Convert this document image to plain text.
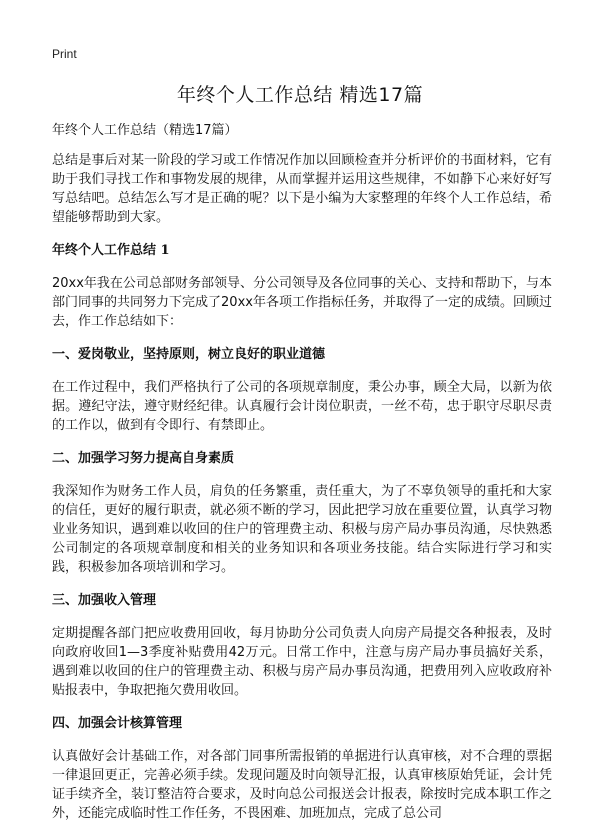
Print
年终个人工作总结 精选17篇

年终个人工作总结（精选17篇）

总结是事后对某一阶段的学习或工作情况作加以回顾检查并分析评价的书面材料，它有助于我们寻找工作和事物发展的规律，从而掌握并运用这些规律，不如静下心来好好写写总结吧。总结怎么写才是正确的呢？以下是小编为大家整理的年终个人工作总结，希望能够帮助到大家。

年终个人工作总结 1

20xx年我在公司总部财务部领导、分公司领导及各位同事的关心、支持和帮助下，与本部门同事的共同努力下完成了20xx年各项工作指标任务，并取得了一定的成绩。回顾过去，作工作总结如下：

一、爱岗敬业，坚持原则，树立良好的职业道德

在工作过程中，我们严格执行了公司的各项规章制度，秉公办事，顾全大局，以新为依据。遵纪守法，遵守财经纪律。认真履行会计岗位职责，一丝不苟，忠于职守尽职尽责的工作以，做到有令即行、有禁即止。

二、加强学习努力提高自身素质

我深知作为财务工作人员，肩负的任务繁重，责任重大，为了不辜负领导的重托和大家的信任，更好的履行职责，就必须不断的学习，因此把学习放在重要位置，认真学习物业业务知识，遇到难以收回的住户的管理费主动、积极与房产局办事员沟通，尽快熟悉公司制定的各项规章制度和相关的业务知识和各项业务技能。结合实际进行学习和实践，积极参加各项培训和学习。

三、加强收入管理

定期提醒各部门把应收费用回收，每月协助分公司负责人向房产局提交各种报表，及时向政府收回1—3季度补贴费用42万元。日常工作中，注意与房产局办事员搞好关系，遇到难以收回的住户的管理费主动、积极与房产局办事员沟通，把费用列入应收政府补贴报表中，争取把拖欠费用收回。

四、加强会计核算管理

认真做好会计基础工作，对各部门同事所需报销的单据进行认真审核，对不合理的票据一律退回更正，完善必须手续。发现问题及时向领导汇报，认真审核原始凭证，会计凭证手续齐全，装订整洁符合要求，及时向总公司报送会计报表，除按时完成本职工作之外，还能完成临时性工作任务，不畏困难、加班加点，完成了总公司
